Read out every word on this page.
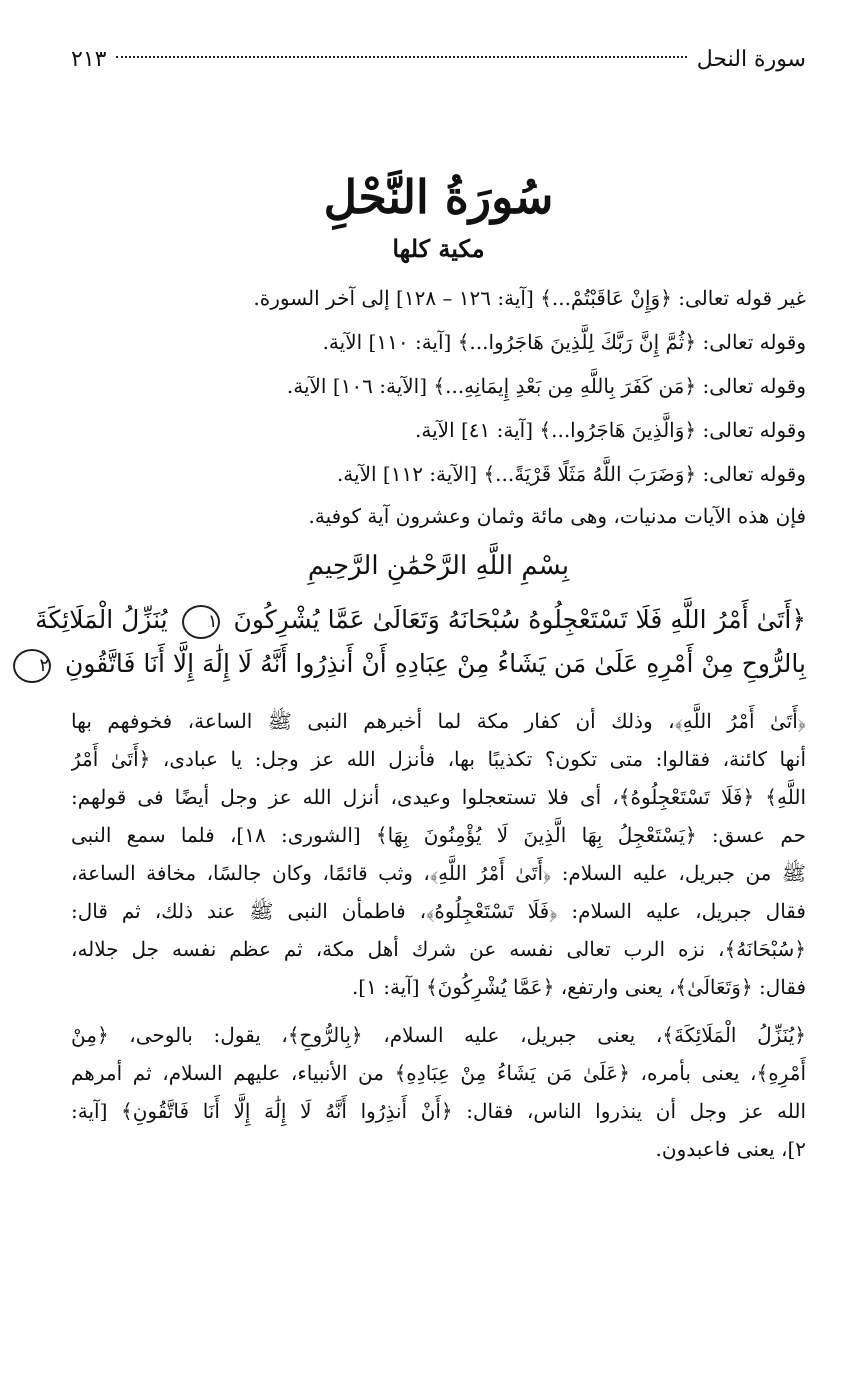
سورة النحل
٢١٣
سُورَةُ النَّحْلِ
مكية كلها
غير قوله تعالى: ﴿وَإِنْ عَاقَبْتُمْ...﴾ [آية: ١٢٦ – ١٢٨] إلى آخر السورة.
وقوله تعالى: ﴿ثُمَّ إِنَّ رَبَّكَ لِلَّذِينَ هَاجَرُوا...﴾ [آية: ١١٠] الآية.
وقوله تعالى: ﴿مَن كَفَرَ بِاللَّهِ مِن بَعْدِ إِيمَانِهِ...﴾ [الآية: ١٠٦] الآية.
وقوله تعالى: ﴿وَالَّذِينَ هَاجَرُوا...﴾ [آية: ٤١] الآية.
وقوله تعالى: ﴿وَضَرَبَ اللَّهُ مَثَلًا قَرْيَةً...﴾ [الآية: ١١٢] الآية.
فإن هذه الآيات مدنيات، وهى مائة وثمان وعشرون آية كوفية.
بِسْمِ اللَّهِ الرَّحْمَٰنِ الرَّحِيمِ
﴿أَتَىٰ أَمْرُ اللَّهِ فَلَا تَسْتَعْجِلُوهُ سُبْحَانَهُ وَتَعَالَىٰ عَمَّا يُشْرِكُونَ ١ يُنَزِّلُ الْمَلَائِكَةَ
بِالرُّوحِ مِنْ أَمْرِهِ عَلَىٰ مَن يَشَاءُ مِنْ عِبَادِهِ أَنْ أَنذِرُوا أَنَّهُ لَا إِلَٰهَ إِلَّا أَنَا فَاتَّقُونِ ٢
﴿أَتَىٰ أَمْرُ اللَّهِ﴾، وذلك أن كفار مكة لما أخبرهم النبى ﷺ الساعة، فخوفهم بها
أنها كائنة، فقالوا: متى تكون؟ تكذيبًا بها، فأنزل الله عز وجل: يا عبادى، ﴿أَتَىٰ أَمْرُ
اللَّهِ﴾ ﴿فَلَا تَسْتَعْجِلُوهُ﴾، أى فلا تستعجلوا وعيدى، أنزل الله عز وجل أيضًا فى قولهم:
حم عسق: ﴿يَسْتَعْجِلُ بِهَا الَّذِينَ لَا يُؤْمِنُونَ بِهَا﴾ [الشورى: ١٨]، فلما سمع النبى
ﷺ من جبريل، عليه السلام: ﴿أَتَىٰ أَمْرُ اللَّهِ﴾، وثب قائمًا، وكان جالسًا، مخافة الساعة،
فقال جبريل، عليه السلام: ﴿فَلَا تَسْتَعْجِلُوهُ﴾، فاطمأن النبى ﷺ عند ذلك، ثم قال:
﴿سُبْحَانَهُ﴾، نزه الرب تعالى نفسه عن شرك أهل مكة، ثم عظم نفسه جل جلاله،
فقال: ﴿وَتَعَالَىٰ﴾، يعنى وارتفع، ﴿عَمَّا يُشْرِكُونَ﴾ [آية: ١].
﴿يُنَزِّلُ الْمَلَائِكَةَ﴾، يعنى جبريل، عليه السلام، ﴿بِالرُّوحِ﴾، يقول: بالوحى، ﴿مِنْ
أَمْرِهِ﴾، يعنى بأمره، ﴿عَلَىٰ مَن يَشَاءُ مِنْ عِبَادِهِ﴾ من الأنبياء، عليهم السلام، ثم أمرهم
الله عز وجل أن ينذروا الناس، فقال: ﴿أَنْ أَنذِرُوا أَنَّهُ لَا إِلَٰهَ إِلَّا أَنَا فَاتَّقُونِ﴾ [آية:
٢]، يعنى فاعبدون.
